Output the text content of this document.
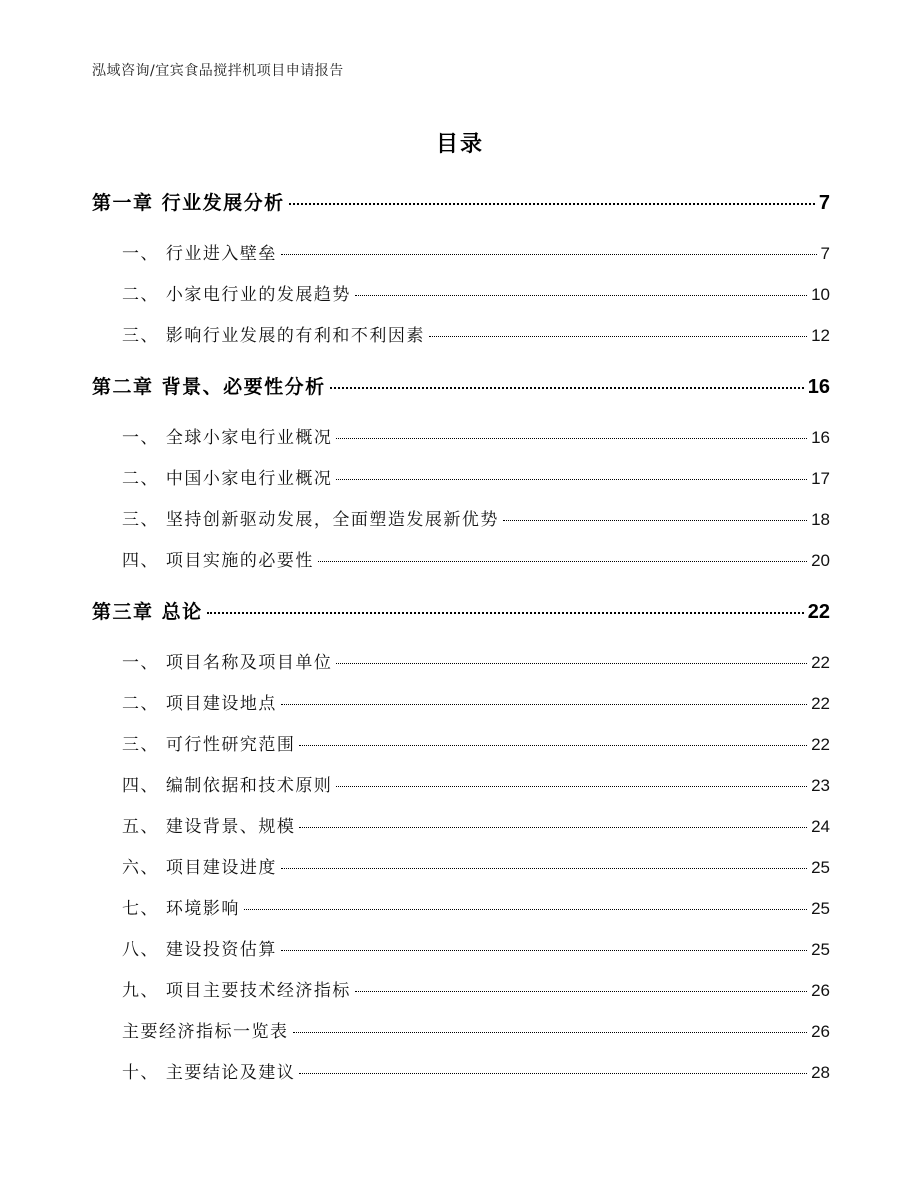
泓域咨询/宜宾食品搅拌机项目申请报告
目录
第一章 行业发展分析	7
一、 行业进入壁垒	7
二、 小家电行业的发展趋势	10
三、 影响行业发展的有利和不利因素	12
第二章 背景、必要性分析	16
一、 全球小家电行业概况	16
二、 中国小家电行业概况	17
三、 坚持创新驱动发展，全面塑造发展新优势	18
四、 项目实施的必要性	20
第三章 总论	22
一、 项目名称及项目单位	22
二、 项目建设地点	22
三、 可行性研究范围	22
四、 编制依据和技术原则	23
五、 建设背景、规模	24
六、 项目建设进度	25
七、 环境影响	25
八、 建设投资估算	25
九、 项目主要技术经济指标	26
主要经济指标一览表	26
十、 主要结论及建议	28
